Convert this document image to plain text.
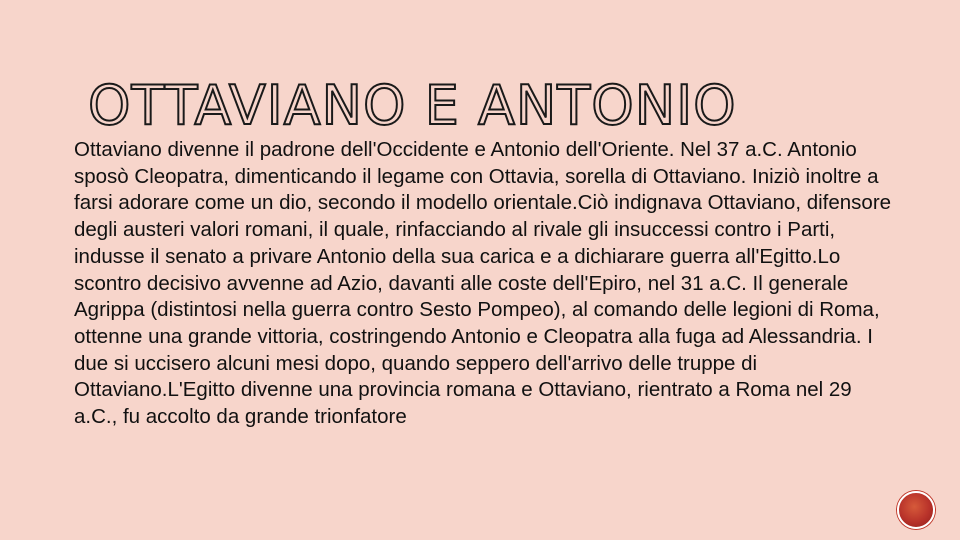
OTTAVIANO E ANTONIO

Ottaviano divenne il padrone dell'Occidente e Antonio dell'Oriente. Nel 37 a.C. Antonio sposò Cleopatra, dimenticando il legame con Ottavia, sorella di Ottaviano. Iniziò inoltre a farsi adorare come un dio, secondo il modello orientale.Ciò indignava Ottaviano, difensore degli austeri valori romani, il quale, rinfacciando al rivale gli insuccessi contro i Parti, indusse il senato a privare Antonio della sua carica e a dichiarare guerra all'Egitto.Lo scontro decisivo avvenne ad Azio, davanti alle coste dell'Epiro, nel 31 a.C. Il generale Agrippa (distintosi nella guerra contro Sesto Pompeo), al comando delle legioni di Roma, ottenne una grande vittoria, costringendo Antonio e Cleopatra alla fuga ad Alessandria. I due si uccisero alcuni mesi dopo, quando seppero dell'arrivo delle truppe di Ottaviano.L'Egitto divenne una provincia romana e Ottaviano, rientrato a Roma nel 29 a.C., fu accolto da grande trionfatore
